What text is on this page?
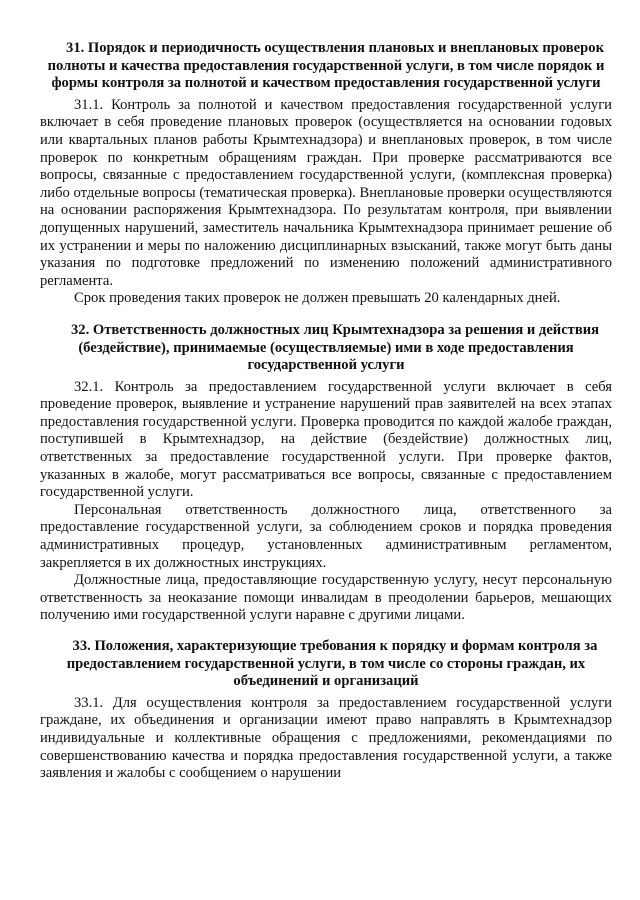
31. Порядок и периодичность осуществления плановых и внеплановых проверок полноты и качества предоставления государственной услуги, в том числе порядок и формы контроля за полнотой и качеством предоставления государственной услуги

31.1. Контроль за полнотой и качеством предоставления государственной услуги включает в себя проведение плановых проверок (осуществляется на основании годовых или квартальных планов работы Крымтехнадзора) и внеплановых проверок, в том числе проверок по конкретным обращениям граждан. При проверке рассматриваются все вопросы, связанные с предоставлением государственной услуги, (комплексная проверка) либо отдельные вопросы (тематическая проверка). Внеплановые проверки осуществляются на основании распоряжения Крымтехнадзора. По результатам контроля, при выявлении допущенных нарушений, заместитель начальника Крымтехнадзора принимает решение об их устранении и меры по наложению дисциплинарных взысканий, также могут быть даны указания по подготовке предложений по изменению положений административного регламента.

Срок проведения таких проверок не должен превышать 20 календарных дней.

32. Ответственность должностных лиц Крымтехнадзора за решения и действия (бездействие), принимаемые (осуществляемые) ими в ходе предоставления государственной услуги

32.1. Контроль за предоставлением государственной услуги включает в себя проведение проверок, выявление и устранение нарушений прав заявителей на всех этапах предоставления государственной услуги. Проверка проводится по каждой жалобе граждан, поступившей в Крымтехнадзор, на действие (бездействие) должностных лиц, ответственных за предоставление государственной услуги. При проверке фактов, указанных в жалобе, могут рассматриваться все вопросы, связанные с предоставлением государственной услуги.

Персональная ответственность должностного лица, ответственного за предоставление государственной услуги, за соблюдением сроков и порядка проведения административных процедур, установленных административным регламентом, закрепляется в их должностных инструкциях.

Должностные лица, предоставляющие государственную услугу, несут персональную ответственность за неоказание помощи инвалидам в преодолении барьеров, мешающих получению ими государственной услуги наравне с другими лицами.

33. Положения, характеризующие требования к порядку и формам контроля за предоставлением государственной услуги, в том числе со стороны граждан, их объединений и организаций

33.1. Для осуществления контроля за предоставлением государственной услуги граждане, их объединения и организации имеют право направлять в Крымтехнадзор индивидуальные и коллективные обращения с предложениями, рекомендациями по совершенствованию качества и порядка предоставления государственной услуги, а также заявления и жалобы с сообщением о нарушении
